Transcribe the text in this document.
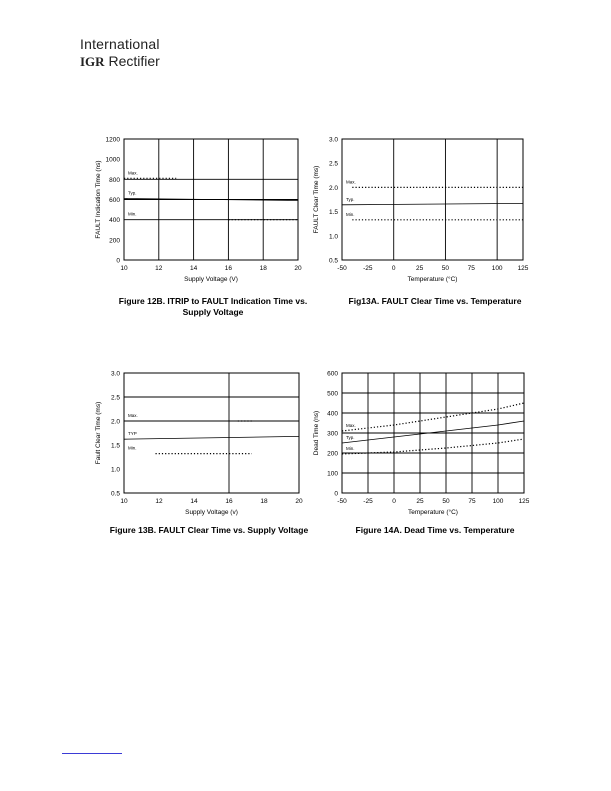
International
IGR Rectifier
10	12	14	16	18	20
0
200
400
600
800
1000
1200
Supply Voltage (V)
FAULT Indication Time (ns)	Max.
Typ.
Min.
-50	-25	0	25	50	75	100 125
0.5
1.0
1.5
2.0
2.5
3.0
Temperature (°C)
FAULT Clear Time (ms)	Max.
Typ.
Min.
10	12	14	16	18	20
0.5
1.0
1.5
2.0
2.5
3.0
Supply Voltage (v)
Fault Clear Time (ms)	Max.
TYP
Min.
-50	-25	0	25	50	75	100 125
0
100
200
300
400
500
600
Temperature (°C)
Dead Time (ns)	Max.
Typ.
Min.
Figure 12B. ITRIP to FAULT Indication Time vs. Supply Voltage
Fig13A. FAULT Clear Time vs. Temperature
Figure 13B. FAULT Clear Time vs. Supply Voltage	Figure 14A. Dead Time vs. Temperature
